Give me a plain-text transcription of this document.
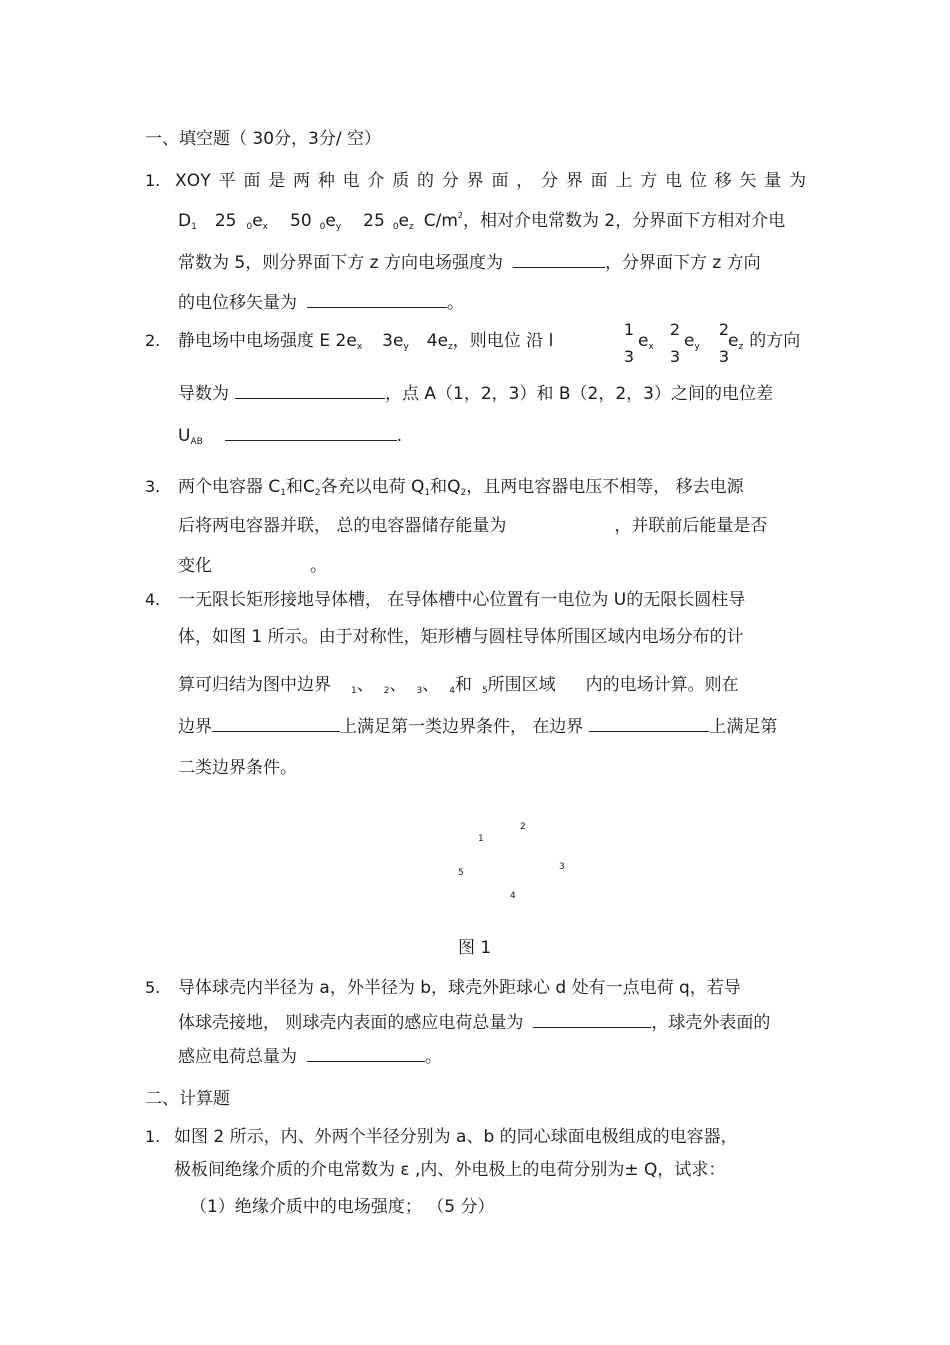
一、填空题（ 30分，3分/ 空）
1. XOY 平 面 是 两 种 电 介 质 的 分 界 面 ， 分 界 面 上 方 电 位 移 矢 量 为
D1 25 0ex 50 0ey 25 0ez $C/m^2$，相对介电常数为 2，分界面下方相对介电
常数为 5，则分界面下方 z 方向电场强度为	，分界面下方 z 方向
的电位移矢量为	。
2. 静电场中电场强度 E 2ex 3ey 4ez，则电位 沿 l
1
3
ex
2
3
ey
2
3
ez 的方向
导数为	，点 A（1，2，3）和 B（2，2，3）之间的电位差
UAB	.
3. 两个电容器 C1和C2各充以电荷 Q1和Q2，且两电容器电压不相等， 移去电源
后将两电容器并联， 总的电容器储存能量为	，并联前后能量是否
变化	。
4. 一无限长矩形接地导体槽， 在导体槽中心位置有一电位为 U的无限长圆柱导
体，如图 1 所示。由于对称性，矩形槽与圆柱导体所围区域内电场分布的计
算可归结为图中边界 1、 2、 3、 4和 5所围区域 内的电场计算。则在
边界	上满足第一类边界条件， 在边界	上满足第
二类边界条件。
1
2
3
4
5
图 1
5. 导体球壳内半径为 a，外半径为 b，球壳外距球心 d 处有一点电荷 q，若导
体球壳接地， 则球壳内表面的感应电荷总量为	，球壳外表面的
感应电荷总量为	。
二、计算题
1. 如图 2 所示，内、外两个半径分别为 a、b 的同心球面电极组成的电容器，
极板间绝缘介质的介电常数为 ε ,内、外电极上的电荷分别为± Q，试求：
（1）绝缘介质中的电场强度； （5 分）
